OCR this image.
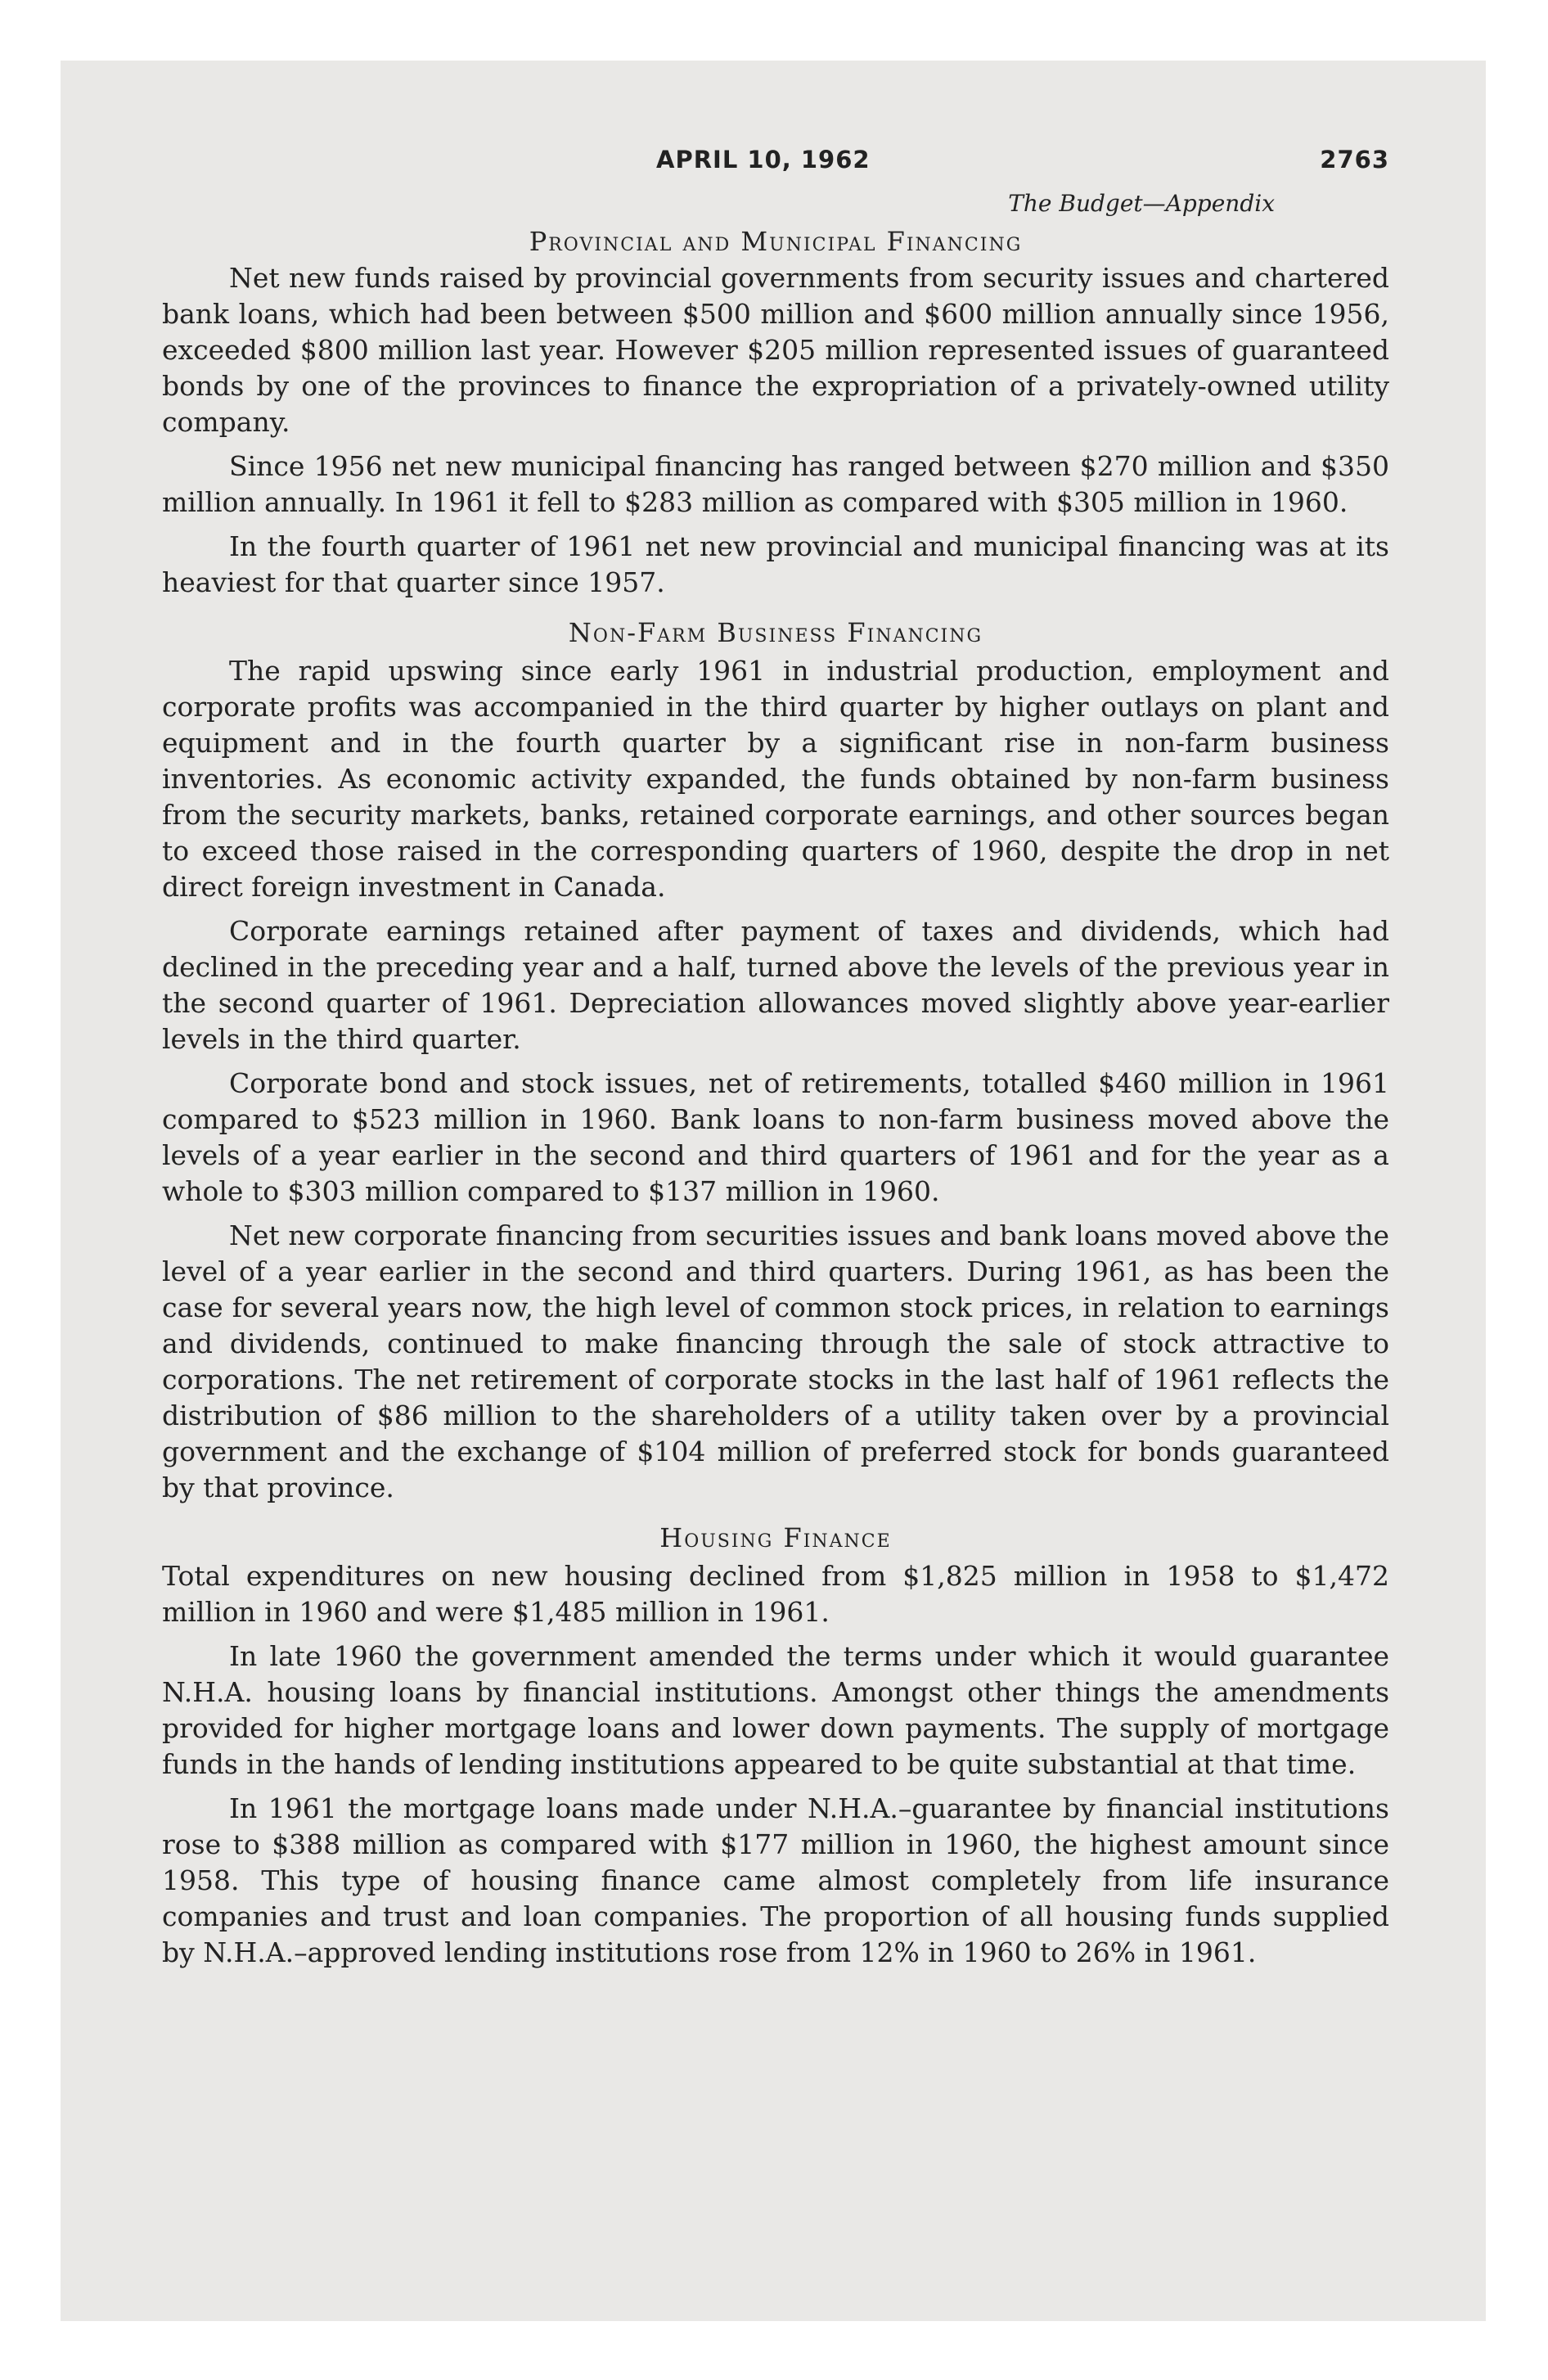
APRIL 10, 1962	2763
The Budget—Appendix
Provincial and Municipal Financing

Net new funds raised by provincial governments from security issues and chartered bank loans, which had been between $500 million and $600 million annually since 1956, exceeded $800 million last year. However $205 million represented issues of guaranteed bonds by one of the provinces to finance the expropriation of a privately-owned utility company.

Since 1956 net new municipal financing has ranged between $270 million and $350 million annually. In 1961 it fell to $283 million as compared with $305 million in 1960.

In the fourth quarter of 1961 net new provincial and municipal financing was at its heaviest for that quarter since 1957.

Non-Farm Business Financing

The rapid upswing since early 1961 in industrial production, employment and corporate profits was accompanied in the third quarter by higher outlays on plant and equipment and in the fourth quarter by a significant rise in non-farm business inventories. As economic activity expanded, the funds obtained by non-farm business from the security markets, banks, retained corporate earnings, and other sources began to exceed those raised in the corresponding quarters of 1960, despite the drop in net direct foreign investment in Canada.

Corporate earnings retained after payment of taxes and dividends, which had declined in the preceding year and a half, turned above the levels of the previous year in the second quarter of 1961. Depreciation allowances moved slightly above year-earlier levels in the third quarter.

Corporate bond and stock issues, net of retirements, totalled $460 million in 1961 compared to $523 million in 1960. Bank loans to non-farm business moved above the levels of a year earlier in the second and third quarters of 1961 and for the year as a whole to $303 million compared to $137 million in 1960.

Net new corporate financing from securities issues and bank loans moved above the level of a year earlier in the second and third quarters. During 1961, as has been the case for several years now, the high level of common stock prices, in relation to earnings and dividends, continued to make financing through the sale of stock attractive to corporations. The net retirement of corporate stocks in the last half of 1961 reflects the distribution of $86 million to the shareholders of a utility taken over by a provincial government and the exchange of $104 million of preferred stock for bonds guaranteed by that province.

Housing Finance

Total expenditures on new housing declined from $1,825 million in 1958 to $1,472 million in 1960 and were $1,485 million in 1961.

In late 1960 the government amended the terms under which it would guarantee N.H.A. housing loans by financial institutions. Amongst other things the amendments provided for higher mortgage loans and lower down payments. The supply of mortgage funds in the hands of lending institutions appeared to be quite substantial at that time.

In 1961 the mortgage loans made under N.H.A.–guarantee by financial institutions rose to $388 million as compared with $177 million in 1960, the highest amount since 1958. This type of housing finance came almost completely from life insurance companies and trust and loan companies. The proportion of all housing funds supplied by N.H.A.–approved lending institutions rose from 12% in 1960 to 26% in 1961.
